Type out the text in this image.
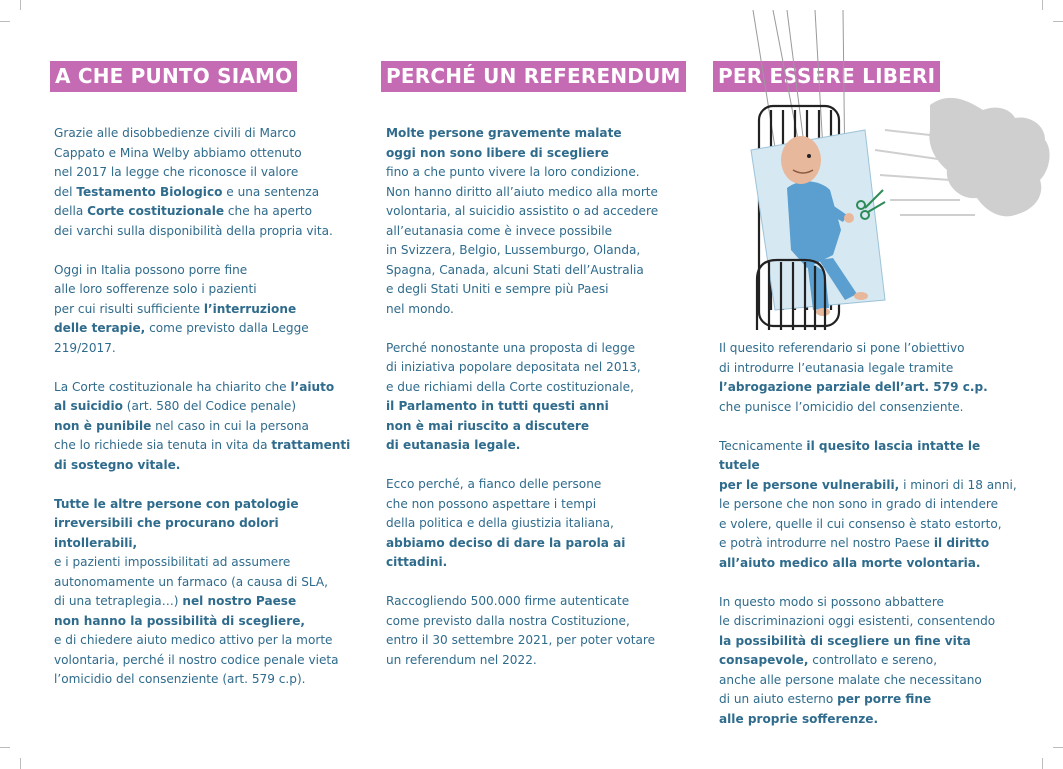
A CHE PUNTO SIAMO
Grazie alle disobbedienze civili di Marco
Cappato e Mina Welby abbiamo ottenuto
nel 2017 la legge che riconosce il valore
del Testamento Biologico e una sentenza
della Corte costituzionale che ha aperto
dei varchi sulla disponibilità della propria vita.
Oggi in Italia possono porre fine
alle loro sofferenze solo i pazienti
per cui risulti sufficiente l’interruzione
delle terapie, come previsto dalla Legge
219/2017.
La Corte costituzionale ha chiarito che l’aiuto
al suicidio (art. 580 del Codice penale)
non è punibile nel caso in cui la persona
che lo richiede sia tenuta in vita da trattamenti
di sostegno vitale.
Tutte le altre persone con patologie
irreversibili che procurano dolori intollerabili,
e i pazienti impossibilitati ad assumere
autonomamente un farmaco (a causa di SLA,
di una tetraplegia…) nel nostro Paese
non hanno la possibilità di scegliere,
e di chiedere aiuto medico attivo per la morte
volontaria, perché il nostro codice penale vieta
l’omicidio del consenziente (art. 579 c.p).
PERCHÉ UN REFERENDUM
Molte persone gravemente malate
oggi non sono libere di scegliere
fino a che punto vivere la loro condizione.
Non hanno diritto all’aiuto medico alla morte
volontaria, al suicidio assistito o ad accedere
all’eutanasia come è invece possibile
in Svizzera, Belgio, Lussemburgo, Olanda,
Spagna, Canada, alcuni Stati dell’Australia
e degli Stati Uniti e sempre più Paesi
nel mondo.
Perché nonostante una proposta di legge
di iniziativa popolare depositata nel 2013,
e due richiami della Corte costituzionale,
il Parlamento in tutti questi anni
non è mai riuscito a discutere
di eutanasia legale.
Ecco perché, a fianco delle persone
che non possono aspettare i tempi
della politica e della giustizia italiana,
abbiamo deciso di dare la parola ai cittadini.
Raccogliendo 500.000 firme autenticate
come previsto dalla nostra Costituzione,
entro il 30 settembre 2021, per poter votare
un referendum nel 2022.
PER ESSERE LIBERI
Il quesito referendario si pone l’obiettivo
di introdurre l’eutanasia legale tramite
l’abrogazione parziale dell’art. 579 c.p.
che punisce l’omicidio del consenziente.
Tecnicamente il quesito lascia intatte le tutele
per le persone vulnerabili, i minori di 18 anni,
le persone che non sono in grado di intendere
e volere, quelle il cui consenso è stato estorto,
e potrà introdurre nel nostro Paese il diritto
all’aiuto medico alla morte volontaria.
In questo modo si possono abbattere
le discriminazioni oggi esistenti, consentendo
la possibilità di scegliere un fine vita
consapevole, controllato e sereno,
anche alle persone malate che necessitano
di un aiuto esterno per porre fine
alle proprie sofferenze.
